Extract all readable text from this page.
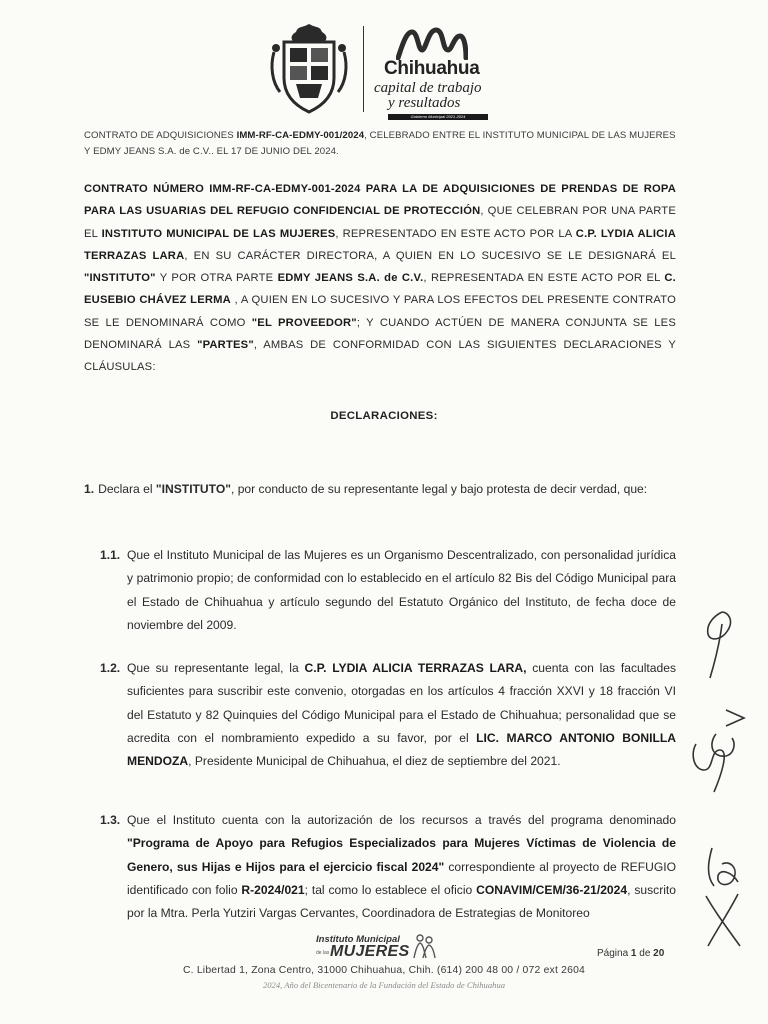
Chihuahua
capital de trabajo
y resultados
Gobierno Municipal 2021-2024
CONTRATO DE ADQUISICIONES IMM-RF-CA-EDMY-001/2024, CELEBRADO ENTRE EL INSTITUTO MUNICIPAL DE LAS MUJERES Y EDMY JEANS S.A. de C.V.. EL 17 DE JUNIO DEL 2024.
CONTRATO NÚMERO IMM-RF-CA-EDMY-001-2024 PARA LA DE ADQUISICIONES DE PRENDAS DE ROPA PARA LAS USUARIAS DEL REFUGIO CONFIDENCIAL DE PROTECCIÓN, QUE CELEBRAN POR UNA PARTE EL INSTITUTO MUNICIPAL DE LAS MUJERES, REPRESENTADO EN ESTE ACTO POR LA C.P. LYDIA ALICIA TERRAZAS LARA, EN SU CARÁCTER DIRECTORA, A QUIEN EN LO SUCESIVO SE LE DESIGNARÁ EL "INSTITUTO" Y POR OTRA PARTE EDMY JEANS S.A. de C.V., REPRESENTADA EN ESTE ACTO POR EL C. EUSEBIO CHÁVEZ LERMA , A QUIEN EN LO SUCESIVO Y PARA LOS EFECTOS DEL PRESENTE CONTRATO SE LE DENOMINARÁ COMO "EL PROVEEDOR"; Y CUANDO ACTÚEN DE MANERA CONJUNTA SE LES DENOMINARÁ LAS "PARTES", AMBAS DE CONFORMIDAD CON LAS SIGUIENTES DECLARACIONES Y CLÁUSULAS:
DECLARACIONES:
1. Declara el "INSTITUTO", por conducto de su representante legal y bajo protesta de decir verdad, que:
1.1. Que el Instituto Municipal de las Mujeres es un Organismo Descentralizado, con personalidad jurídica y patrimonio propio; de conformidad con lo establecido en el artículo 82 Bis del Código Municipal para el Estado de Chihuahua y artículo segundo del Estatuto Orgánico del Instituto, de fecha doce de noviembre del 2009.
1.2. Que su representante legal, la C.P. LYDIA ALICIA TERRAZAS LARA, cuenta con las facultades suficientes para suscribir este convenio, otorgadas en los artículos 4 fracción XXVI y 18 fracción VI del Estatuto y 82 Quinquies del Código Municipal para el Estado de Chihuahua; personalidad que se acredita con el nombramiento expedido a su favor, por el LIC. MARCO ANTONIO BONILLA MENDOZA, Presidente Municipal de Chihuahua, el diez de septiembre del 2021.
1.3. Que el Instituto cuenta con la autorización de los recursos a través del programa denominado "Programa de Apoyo para Refugios Especializados para Mujeres Víctimas de Violencia de Genero, sus Hijas e Hijos para el ejercicio fiscal 2024" correspondiente al proyecto de REFUGIO identificado con folio R-2024/021; tal como lo establece el oficio CONAVIM/CEM/36-21/2024, suscrito por la Mtra. Perla Yutziri Vargas Cervantes, Coordinadora de Estrategias de Monitoreo
Instituto Municipal
de las MUJERES	Página 1 de 20
C. Libertad 1, Zona Centro, 31000 Chihuahua, Chih. (614) 200 48 00 / 072 ext 2604
2024, Año del Bicentenario de la Fundación del Estado de Chihuahua
